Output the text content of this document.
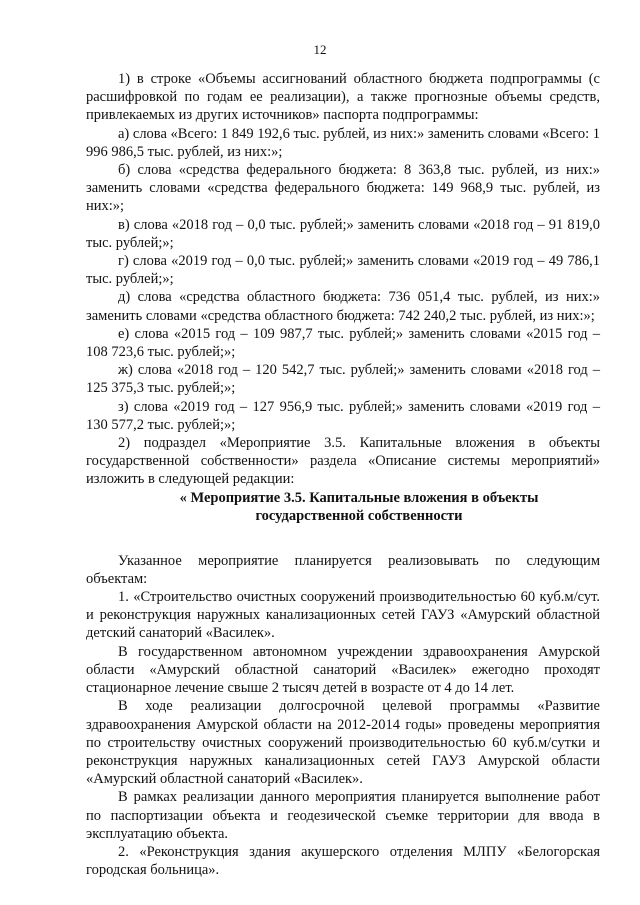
12

1) в строке «Объемы ассигнований областного бюджета подпрограммы (с расшифровкой по годам ее реализации), а также прогнозные объемы средств, привлекаемых из других источников» паспорта подпрограммы:

а) слова «Всего: 1 849 192,6 тыс. рублей, из них:» заменить словами «Всего: 1 996 986,5 тыс. рублей, из них:»;

б) слова «средства федерального бюджета: 8 363,8 тыс. рублей, из них:» заменить словами «средства федерального бюджета: 149 968,9 тыс. рублей, из них:»;

в) слова «2018 год – 0,0 тыс. рублей;» заменить словами «2018 год – 91 819,0 тыс. рублей;»;

г) слова «2019 год – 0,0 тыс. рублей;» заменить словами «2019 год – 49 786,1 тыс. рублей;»;

д) слова «средства областного бюджета: 736 051,4 тыс. рублей, из них:» заменить словами «средства областного бюджета: 742 240,2 тыс. рублей, из них:»;

е) слова «2015 год – 109 987,7 тыс. рублей;» заменить словами «2015 год – 108 723,6 тыс. рублей;»;

ж) слова «2018 год – 120 542,7 тыс. рублей;» заменить словами «2018 год – 125 375,3 тыс. рублей;»;

з) слова «2019 год – 127 956,9 тыс. рублей;» заменить словами «2019 год – 130 577,2 тыс. рублей;»;

2) подраздел «Мероприятие 3.5. Капитальные вложения в объекты государственной собственности» раздела «Описание системы мероприятий» изложить в следующей редакции:

« Мероприятие 3.5. Капитальные вложения в объекты
государственной собственности

Указанное мероприятие планируется реализовывать по следующим объектам:

1. «Строительство очистных сооружений производительностью 60 куб.м/сут. и реконструкция наружных канализационных сетей ГАУЗ «Амурский областной детский санаторий «Василек».

В государственном автономном учреждении здравоохранения Амурской области «Амурский областной санаторий «Василек» ежегодно проходят стационарное лечение свыше 2 тысяч детей в возрасте от 4 до 14 лет.

В ходе реализации долгосрочной целевой программы «Развитие здравоохранения Амурской области на 2012-2014 годы» проведены мероприятия по строительству очистных сооружений производительностью 60 куб.м/сутки и реконструкция наружных канализационных сетей ГАУЗ Амурской области «Амурский областной санаторий «Василек».

В рамках реализации данного мероприятия планируется выполнение работ по паспортизации объекта и геодезической съемке территории для ввода в эксплуатацию объекта.

2. «Реконструкция здания акушерского отделения МЛПУ «Белогорская городская больница».
